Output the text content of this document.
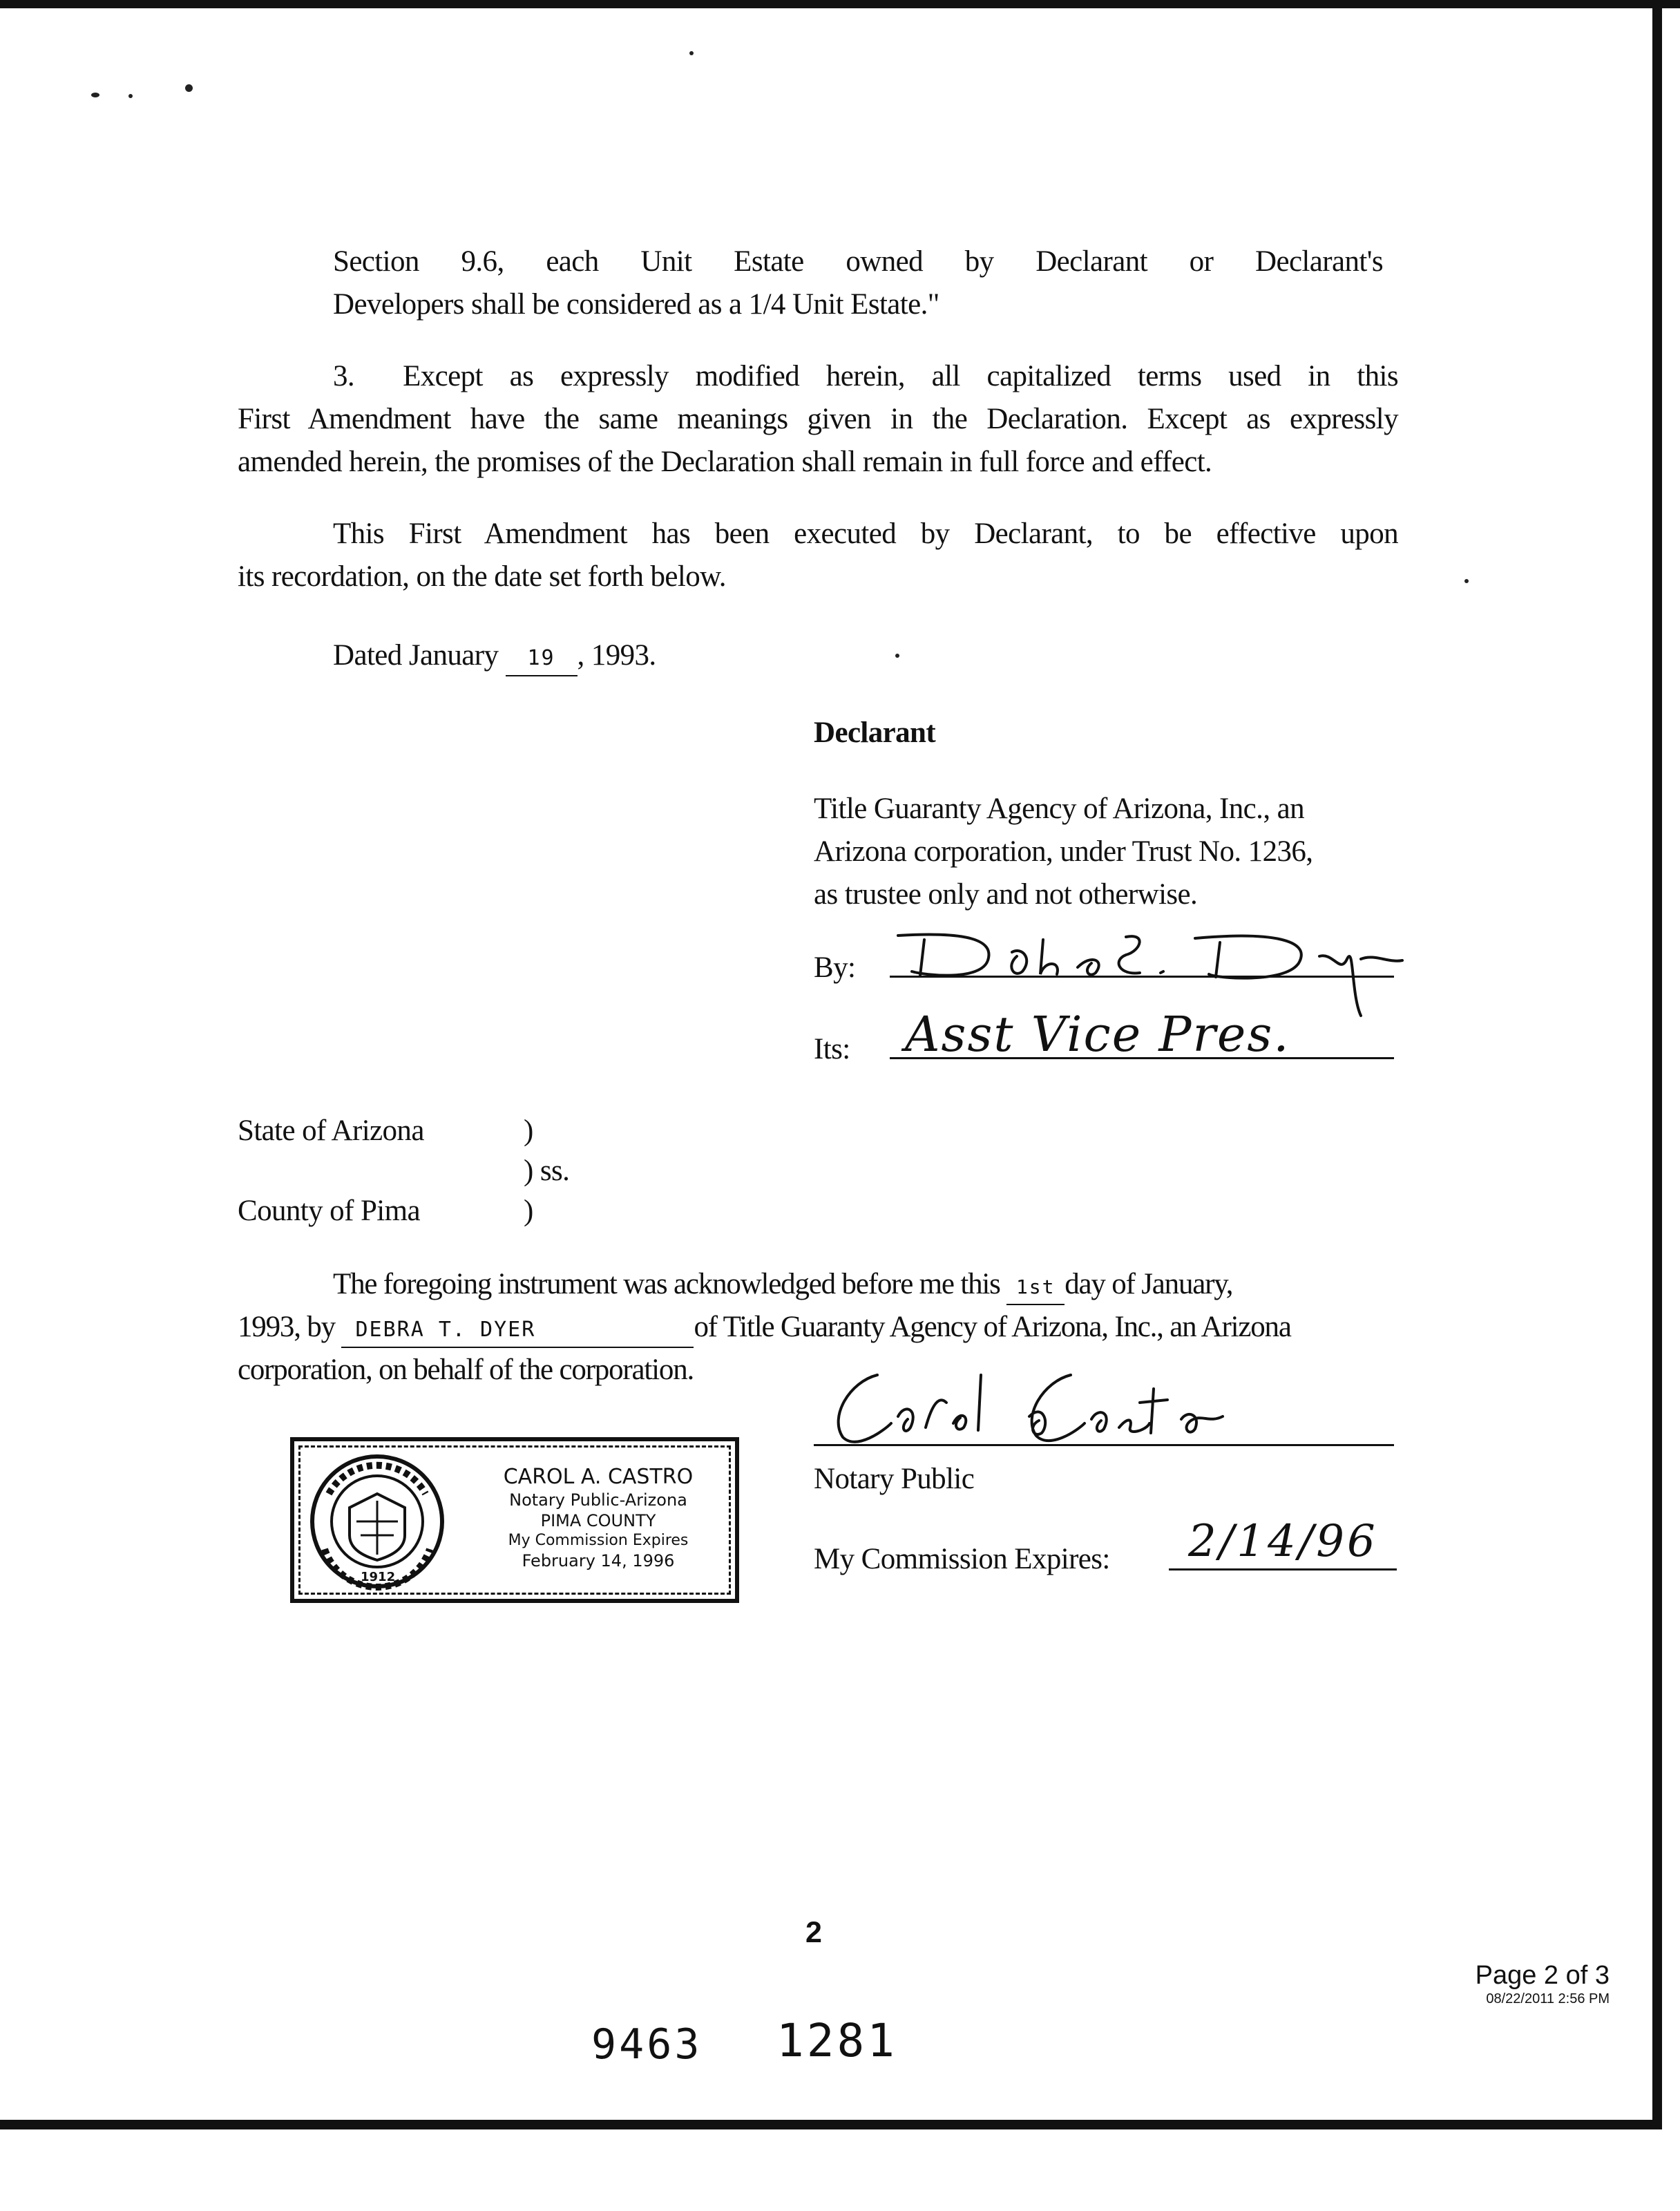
Section 9.6, each Unit Estate owned by Declarant or Declarant's
Developers shall be considered as a 1/4 Unit Estate."
3. Except as expressly modified herein, all capitalized terms used in this
First Amendment have the same meanings given in the Declaration. Except as expressly
amended herein, the promises of the Declaration shall remain in full force and effect.
This First Amendment has been executed by Declarant, to be effective upon
its recordation, on the date set forth below.
Dated January 19 , 1993.
Declarant
Title Guaranty Agency of Arizona, Inc., an
Arizona corporation, under Trust No. 1236,
as trustee only and not otherwise.
By:
Its: Asst Vice Pres.
State of Arizona	)
) ss.
County of Pima	)
The foregoing instrument was acknowledged before me this 1st day of January,
1993, by DEBRA T. DYER	of Title Guaranty Agency of Arizona, Inc., an Arizona
corporation, on behalf of the corporation.
Notary Public
My Commission Expires: 2/14/96
1912
CAROL A. CASTRO
Notary Public-Arizona
PIMA COUNTY
My Commission Expires
February 14, 1996
2
Page 2 of 3
08/22/2011 2:56 PM
9463 1281
